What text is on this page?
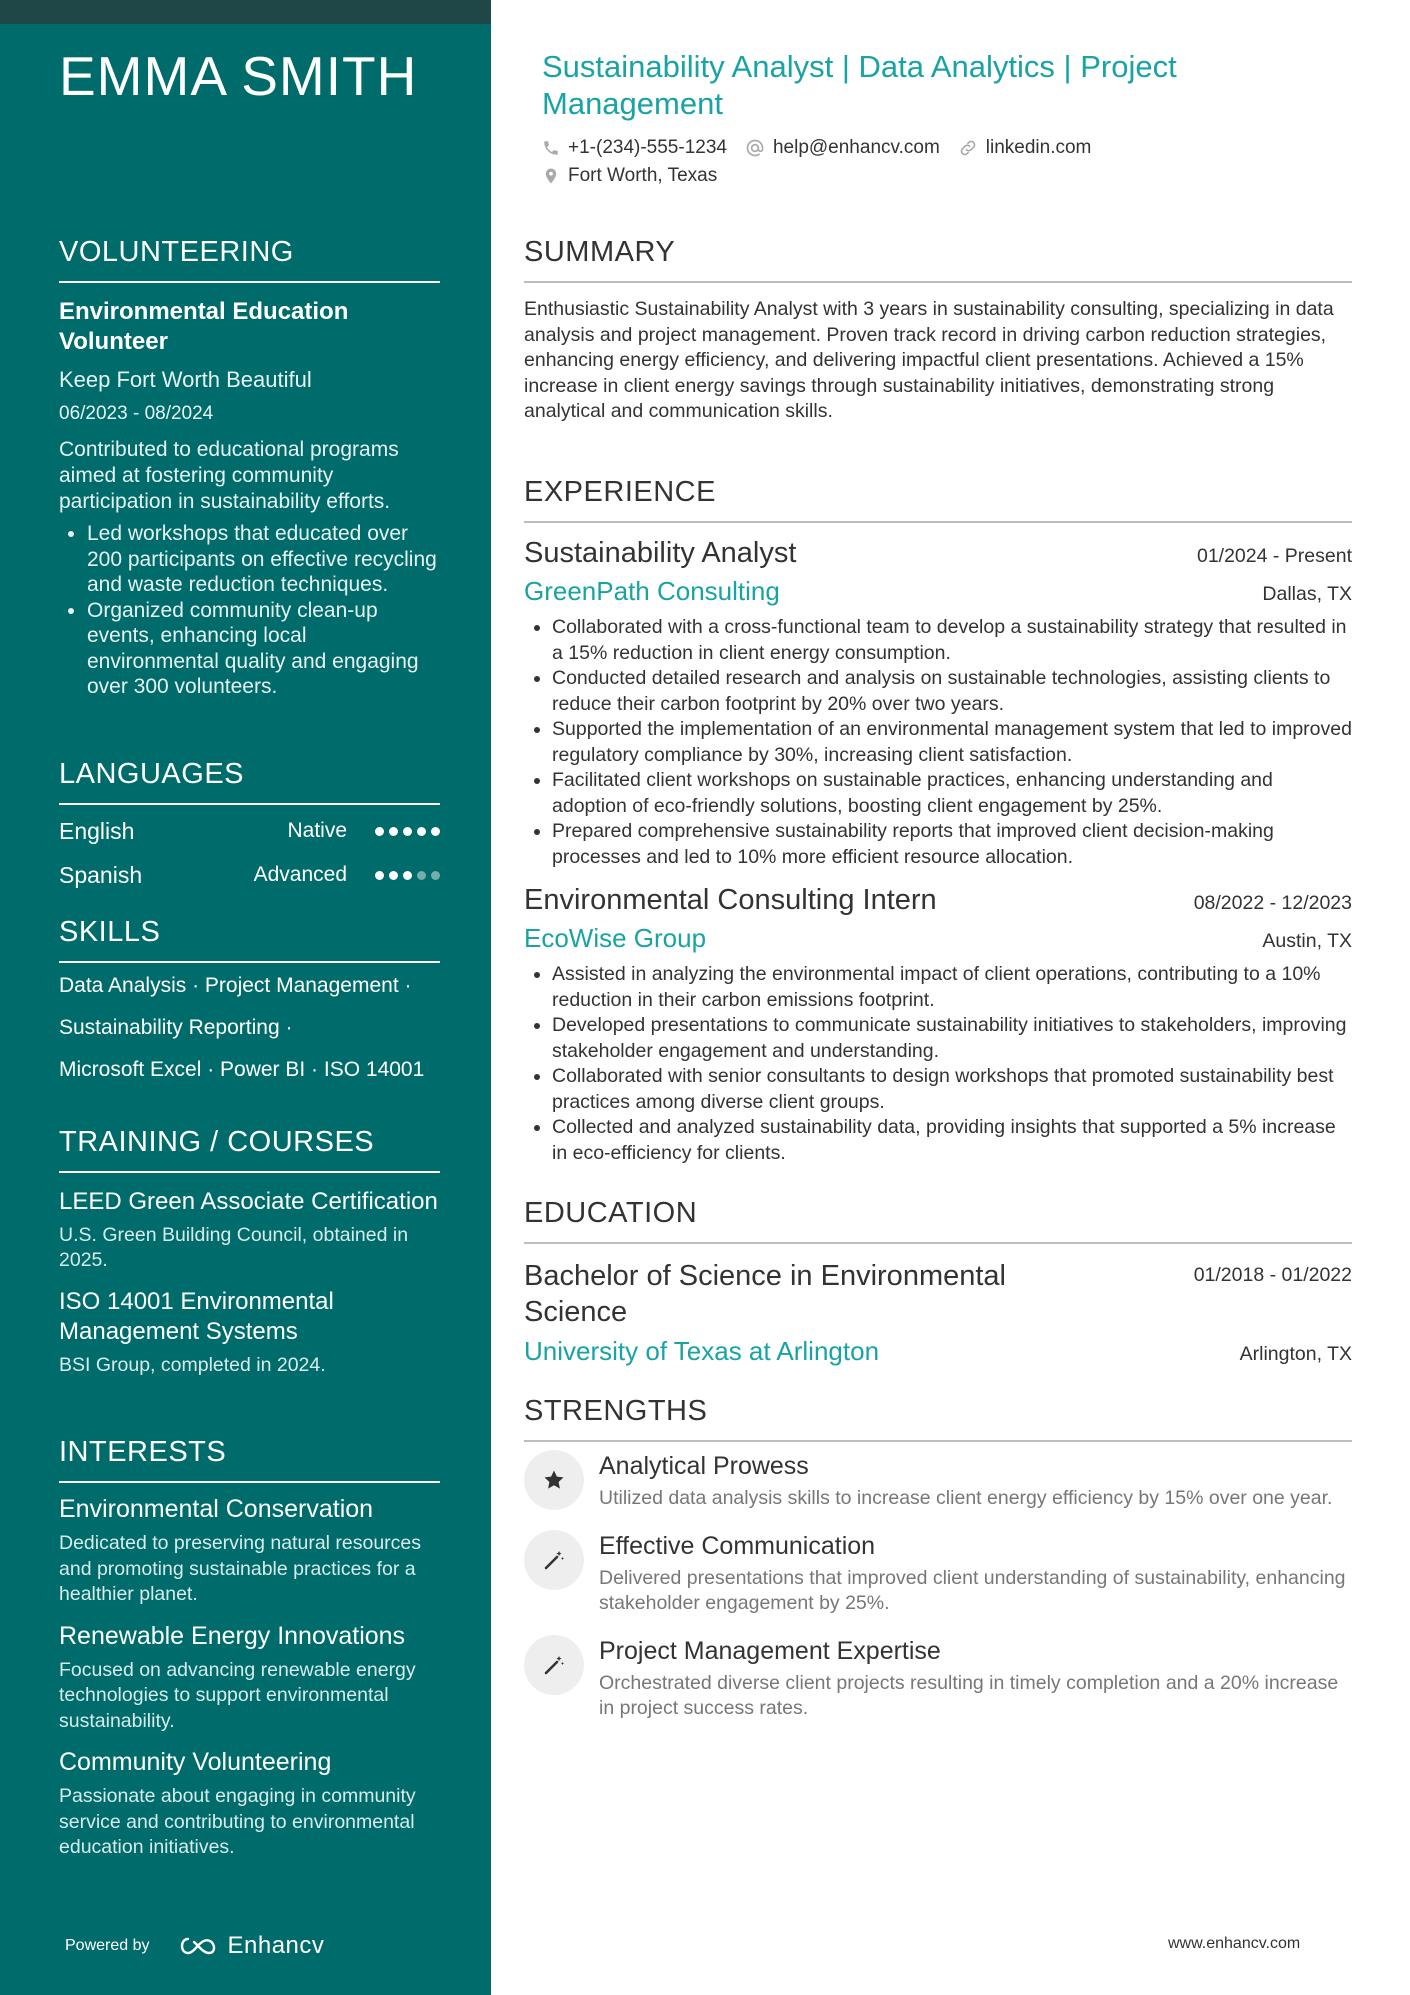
EMMA SMITH
VOLUNTEERING
Environmental Education Volunteer
Keep Fort Worth Beautiful
06/2023 - 08/2024
Contributed to educational programs aimed at fostering community participation in sustainability efforts.
• Led workshops that educated over 200 participants on effective recycling and waste reduction techniques.
• Organized community clean-up events, enhancing local environmental quality and engaging over 300 volunteers.
LANGUAGES
English	Native
Spanish	Advanced
SKILLS
Data Analysis · Project Management ·
Sustainability Reporting ·
Microsoft Excel · Power BI · ISO 14001
TRAINING / COURSES
LEED Green Associate Certification
U.S. Green Building Council, obtained in 2025.
ISO 14001 Environmental Management Systems
BSI Group, completed in 2024.
INTERESTS
Environmental Conservation
Dedicated to preserving natural resources and promoting sustainable practices for a healthier planet.
Renewable Energy Innovations
Focused on advancing renewable energy technologies to support environmental sustainability.
Community Volunteering
Passionate about engaging in community service and contributing to environmental education initiatives.
Powered by	Enhancv
Sustainability Analyst | Data Analytics | Project Management
+1-(234)-555-1234 help@enhancv.com linkedin.com
Fort Worth, Texas
SUMMARY
Enthusiastic Sustainability Analyst with 3 years in sustainability consulting, specializing in data analysis and project management. Proven track record in driving carbon reduction strategies, enhancing energy efficiency, and delivering impactful client presentations. Achieved a 15% increase in client energy savings through sustainability initiatives, demonstrating strong analytical and communication skills.
EXPERIENCE
Sustainability Analyst	01/2024 - Present
GreenPath Consulting	Dallas, TX
• Collaborated with a cross-functional team to develop a sustainability strategy that resulted in a 15% reduction in client energy consumption.
• Conducted detailed research and analysis on sustainable technologies, assisting clients to reduce their carbon footprint by 20% over two years.
• Supported the implementation of an environmental management system that led to improved regulatory compliance by 30%, increasing client satisfaction.
• Facilitated client workshops on sustainable practices, enhancing understanding and adoption of eco-friendly solutions, boosting client engagement by 25%.
• Prepared comprehensive sustainability reports that improved client decision-making processes and led to 10% more efficient resource allocation.
Environmental Consulting Intern	08/2022 - 12/2023
EcoWise Group	Austin, TX
• Assisted in analyzing the environmental impact of client operations, contributing to a 10% reduction in their carbon emissions footprint.
• Developed presentations to communicate sustainability initiatives to stakeholders, improving stakeholder engagement and understanding.
• Collaborated with senior consultants to design workshops that promoted sustainability best practices among diverse client groups.
• Collected and analyzed sustainability data, providing insights that supported a 5% increase in eco-efficiency for clients.
EDUCATION
Bachelor of Science in Environmental Science
01/2018 - 01/2022
University of Texas at Arlington	Arlington, TX
STRENGTHS
Analytical Prowess
Utilized data analysis skills to increase client energy efficiency by 15% over one year.
Effective Communication
Delivered presentations that improved client understanding of sustainability, enhancing stakeholder engagement by 25%.
Project Management Expertise
Orchestrated diverse client projects resulting in timely completion and a 20% increase in project success rates.
www.enhancv.com
